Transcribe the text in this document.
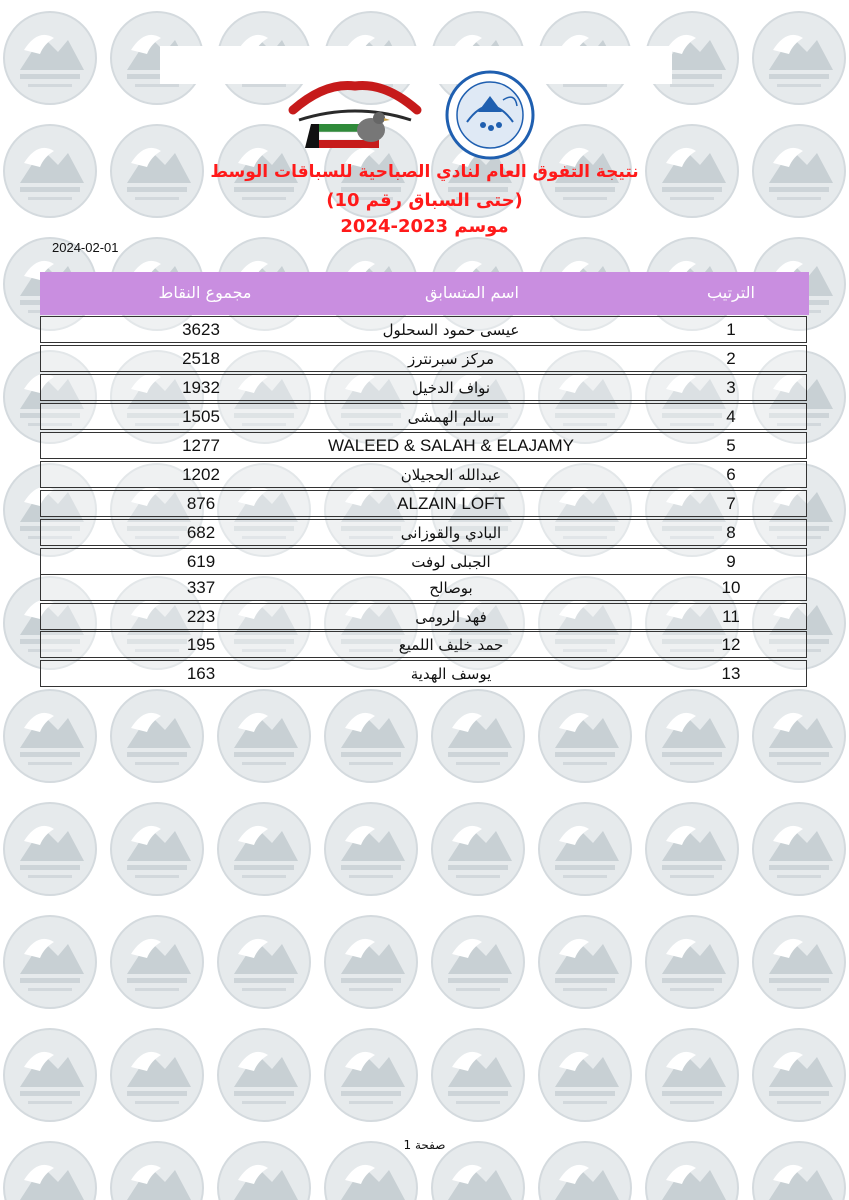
نتيجة التفوق العام لنادي الصباحية للسباقات الوسط
(حتى السباق رقم 10)
موسم 2023-2024
2024-02-01
الترتيب
اسم المتسابق
مجموع النقاط
1
عيسى حمود السحلول
3623
2
مركز سبرنترز
2518
3
نواف الدخيل
1932
4
سالم الهمشى
1505
5
WALEED & SALAH & ELAJAMY
1277
6
عبدالله الحجيلان
1202
7
ALZAIN LOFT
876
8
البادي والقوزانى
682
9
الجبلى لوفت
619
10
بوصالح
337
11
فهد الرومى
223
12
حمد خليف اللميع
195
13
يوسف الهدية
163
صفحة 1
